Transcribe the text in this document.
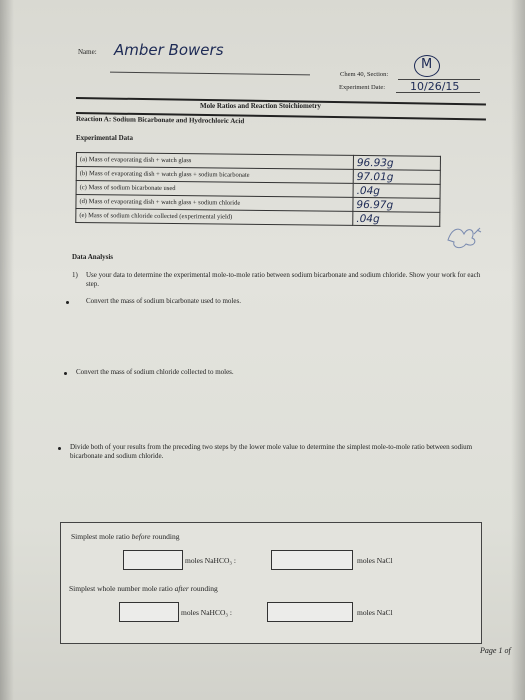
Name: Amber Bowers
Chem 40, Section:
M
Experiment Date: 10/26/15
Mole Ratios and Reaction Stoichiometry
Reaction A: Sodium Bicarbonate and Hydrochloric Acid
Experimental Data
(a) Mass of evaporating dish + watch glass	96.93g
(b) Mass of evaporating dish + watch glass + sodium bicarbonate	97.01g
(c) Mass of sodium bicarbonate used	.04g
(d) Mass of evaporating dish + watch glass + sodium chloride	96.97g
(e) Mass of sodium chloride collected (experimental yield)	.04g
Data Analysis
1) Use your data to determine the experimental mole-to-mole ratio between sodium bicarbonate and sodium chloride. Show your work for each step.
Convert the mass of sodium bicarbonate used to moles.
Convert the mass of sodium chloride collected to moles.
Divide both of your results from the preceding two steps by the lower mole value to determine the simplest mole-to-mole ratio between sodium bicarbonate and sodium chloride.
Simplest mole ratio before rounding
moles NaHCO₃ :	moles NaCl
Simplest whole number mole ratio after rounding
moles NaHCO₃ :	moles NaCl
Page 1 of
